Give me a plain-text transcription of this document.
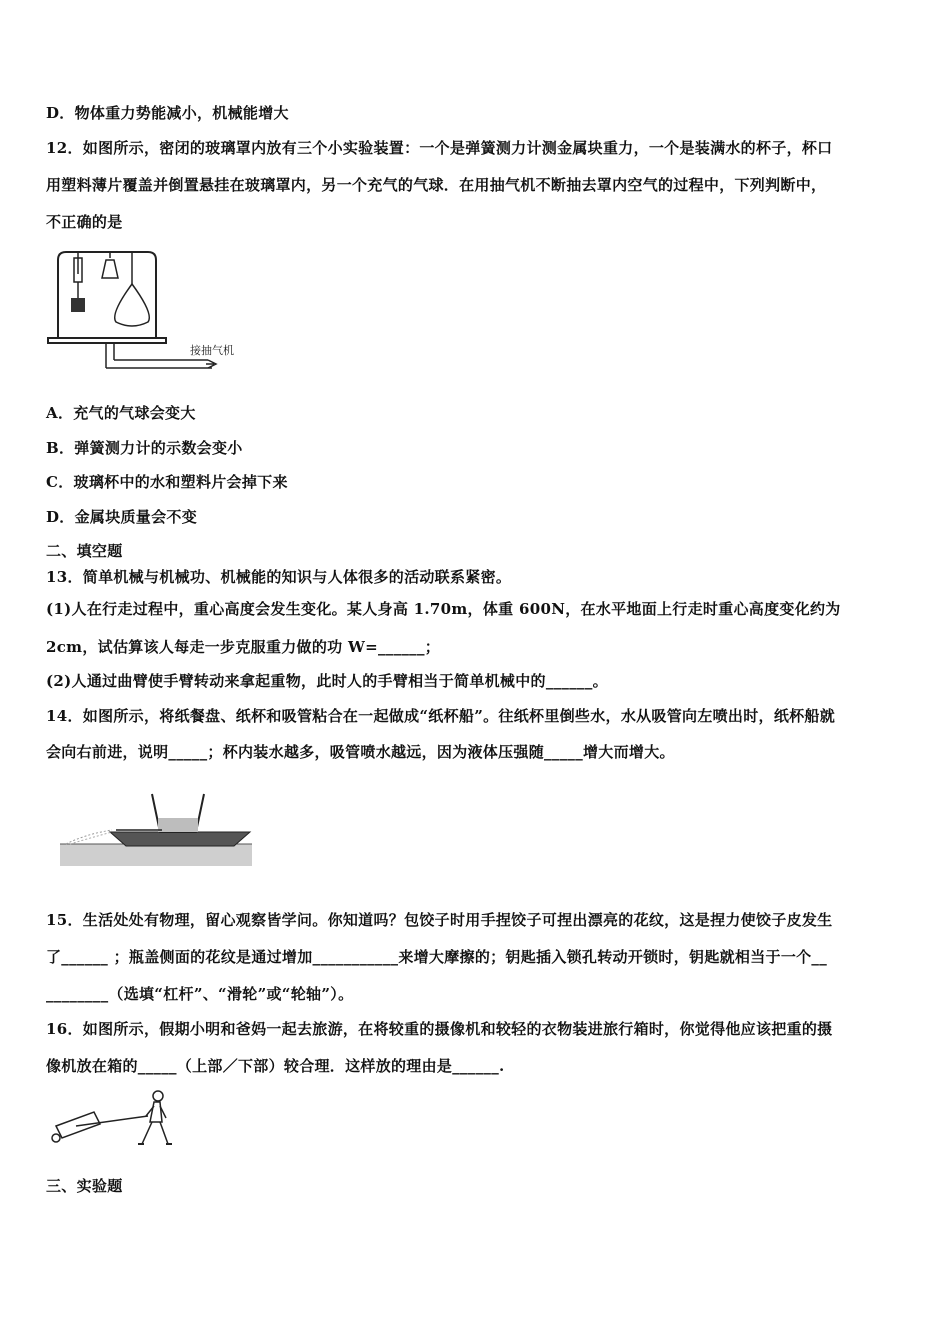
D．物体重力势能减小，机械能增大
12．如图所示，密闭的玻璃罩内放有三个小实验装置：一个是弹簧测力计测金属块重力，一个是装满水的杯子，杯口
用塑料薄片覆盖并倒置悬挂在玻璃罩内，另一个充气的气球．在用抽气机不断抽去罩内空气的过程中，下列判断中，
不正确的是
接抽气机
A．充气的气球会变大
B．弹簧测力计的示数会变小
C．玻璃杯中的水和塑料片会掉下来
D．金属块质量会不变
二、填空题
13．简单机械与机械功、机械能的知识与人体很多的活动联系紧密。
(1)人在行走过程中，重心高度会发生变化。某人身高 1.70m，体重 600N，在水平地面上行走时重心高度变化约为
2cm，试估算该人每走一步克服重力做的功 W=______；
(2)人通过曲臂使手臂转动来拿起重物，此时人的手臂相当于简单机械中的______。
14．如图所示，将纸餐盘、纸杯和吸管粘合在一起做成“纸杯船”。往纸杯里倒些水，水从吸管向左喷出时，纸杯船就
会向右前进，说明_____；杯内装水越多，吸管喷水越远，因为液体压强随_____增大而增大。
15．生活处处有物理，留心观察皆学问。你知道吗？包饺子时用手捏饺子可捏出漂亮的花纹，这是捏力使饺子皮发生
了______ ；瓶盖侧面的花纹是通过增加___________来增大摩擦的；钥匙插入锁孔转动开锁时，钥匙就相当于一个__
________（选填“杠杆”、“滑轮”或“轮轴”）。
16．如图所示，假期小明和爸妈一起去旅游，在将较重的摄像机和较轻的衣物装进旅行箱时，你觉得他应该把重的摄
像机放在箱的_____（上部／下部）较合理．这样放的理由是______.
三、实验题
